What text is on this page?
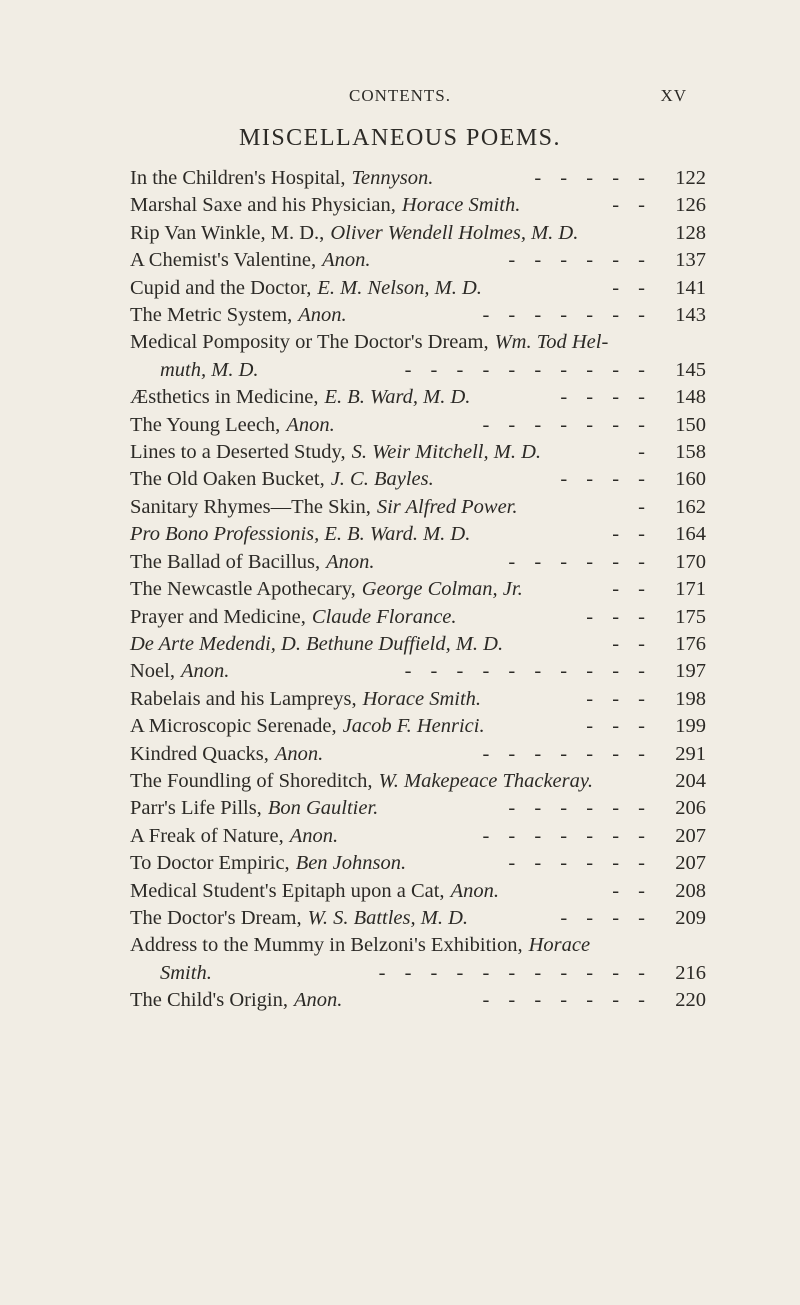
CONTENTS.	XV
MISCELLANEOUS POEMS.
In the Children's Hospital, Tennyson.	- - - - -	122
Marshal Saxe and his Physician, Horace Smith.	- -	126
Rip Van Winkle, M. D., Oliver Wendell Holmes, M. D.	128
A Chemist's Valentine, Anon.	- - - - - -	137
Cupid and the Doctor, E. M. Nelson, M. D.	- -	141
The Metric System, Anon.	- - - - - - -	143
Medical Pomposity or The Doctor's Dream, Wm. Tod Hel-
muth, M. D.	- - - - - - - - - -	145
Æsthetics in Medicine, E. B. Ward, M. D.	- - - -	148
The Young Leech, Anon.	- - - - - - -	150
Lines to a Deserted Study, S. Weir Mitchell, M. D.	-	158
The Old Oaken Bucket, J. C. Bayles.	- - - -	160
Sanitary Rhymes—The Skin, Sir Alfred Power.	-	162
Pro Bono Professionis, E. B. Ward. M. D.	- -	164
The Ballad of Bacillus, Anon.	- - - - - -	170
The Newcastle Apothecary, George Colman, Jr.	- -	171
Prayer and Medicine, Claude Florance.	- - -	175
De Arte Medendi, D. Bethune Duffield, M. D.	- -	176
Noel, Anon.	- - - - - - - - - -	197
Rabelais and his Lampreys, Horace Smith.	- - -	198
A Microscopic Serenade, Jacob F. Henrici.	- - -	199
Kindred Quacks, Anon.	- - - - - - -	291
The Foundling of Shoreditch, W. Makepeace Thackeray.	204
Parr's Life Pills, Bon Gaultier.	- - - - - -	206
A Freak of Nature, Anon.	- - - - - - -	207
To Doctor Empiric, Ben Johnson.	- - - - - -	207
Medical Student's Epitaph upon a Cat, Anon.	- -	208
The Doctor's Dream, W. S. Battles, M. D.	- - - -	209
Address to the Mummy in Belzoni's Exhibition, Horace
Smith.	- - - - - - - - - - -	216
The Child's Origin, Anon.	- - - - - - -	220
